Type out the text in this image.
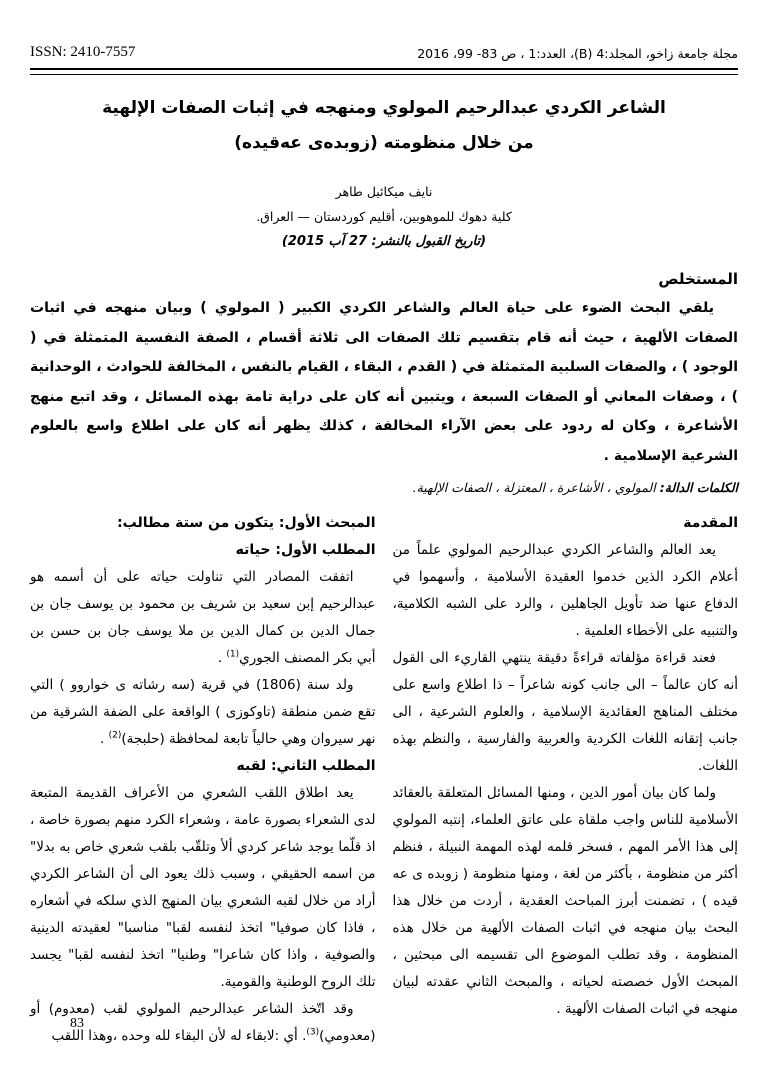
مجلة جامعة زاخو، المجلد:4 (B)، العدد:1 ، ص 83- 99، 2016
ISSN: 2410-7557
الشاعر الكردي عبدالرحيم المولوي ومنهجه في إثبات الصفات الإلهية
من خلال منظومته (زوبده‌ی عه‌قیده)
نايف ميكائيل طاهر
كلية دهوك للموهوبين، أقليم كوردستان — العراق.
(تاريخ القبول بالنشر: 27 آب 2015)
المستخلص

يلقي البحث الضوء على حياة العالم والشاعر الكردي الكبير ( المولوي ) وبيان منهجه في اثبات الصفات الألهية ، حيث أنه قام بتقسيم تلك الصفات الى ثلاثة أقسام ، الصفة النفسية المتمثلة في ( الوجود ) ، والصفات السلبية المتمثلة في ( القدم ، البقاء ، القيام بالنفس ، المخالفة للحوادث ، الوحدانية ) ، وصفات المعاني أو الصفات السبعة ، ويتبين أنه كان على دراية تامة بهذه المسائل ، وقد اتبع منهج الأشاعرة ، وكان له ردود على بعض الآراء المخالفة ، كذلك يظهر أنه كان على اطلاع واسع بالعلوم الشرعية الإسلامية .

الكلمات الدالة: المولوي ، الأشاعرة ، المعتزلة ، الصفات الإلهية.

المقدمة

يعد العالم والشاعر الكردي عبدالرحيم المولوي علماً من أعلام الكرد الذين خدموا العقيدة الأسلامية ، وأسهموا في الدفاع عنها ضد تأويل الجاهلين ، والرد على الشبه الكلامية، والتنبيه على الأخطاء العلمية .

فعند قراءة مؤلفاته قراءةً دقيقة ينتهي القاريء الى القول أنه كان عالماً – الى جانب كونه شاعراً – ذا اطلاع واسع على مختلف المناهج العقائدية الإسلامية ، والعلوم الشرعية ، الى جانب إتقانه اللغات الكردية والعربية والفارسية ، والنظم بهذه اللغات.

ولما كان بيان أمور الدين ، ومنها المسائل المتعلقة بالعقائد الأسلامية للناس واجب ملقاة على عاتق العلماء، إنتبه المولوي إلى هذا الأمر المهم ، فسخر قلمه لهذه المهمة النبيلة ، فنظم أكثر من منظومة ، بأكثر من لغة ، ومنها منظومة ( زوبده ى عه قيده ) ، تضمنت أبرز المباحث العقدية ، أردت من خلال هذا البحث بيان منهجه في اثبات الصفات الألهية من خلال هذه المنظومة ، وقد تطلب الموضوع الى تقسيمه الى مبحثين ، المبحث الأول خصصته لحياته ، والمبحث الثاني عقدته لبيان منهجه في اثبات الصفات الألهية .

المبحث الأول: يتكون من ستة مطالب:
المطلب الأول: حياته

اتفقت المصادر التي تناولت حياته على أن أسمه هو عبدالرحيم إبن سعيد بن شريف بن محمود بن يوسف جان بن جمال الدين بن كمال الدين بن ملا يوسف جان بن حسن بن أبي بكر المصنف الجوري$^{(1)}$ .

ولد سنة (1806) في قرية (سه رشاته ى خواروو ) التي تقع ضمن منطقة (تاوكوزى ) الواقعة على الضفة الشرقية من نهر سيروان وهي حالياً تابعة لمحافظة (حلبجة)$^{(2)}$ .

المطلب الثاني: لقبه

يعد اطلاق اللقب الشعري من الأعراف القديمة المتبعة لدى الشعراء بصورة عامة ، وشعراء الكرد منهم بصورة خاصة ، اذ قلّما يوجد شاعر كردي ألأ وتلقّب بلقب شعري خاص به بدلا" من اسمه الحقيقي ، وسبب ذلك يعود الى أن الشاعر الكردي أراد من خلال لقبه الشعري بيان المنهج الذي سلكه في أشعاره ، فاذا كان صوفيا" اتخذ لنفسه لقبا" مناسبا" لعقيدته الدينية والصوفية ، واذا كان شاعرا" وطنيا" اتخذ لنفسه لقبا" يجسد تلك الروح الوطنية والقومية.

وقد اتّخذ الشاعر عبدالرحيم المولوي لقب (معدوم) أو (معدومي)$^{(3)}$. أي :لابقاء له لأن البقاء لله وحده ،وهذا اللقب

83
